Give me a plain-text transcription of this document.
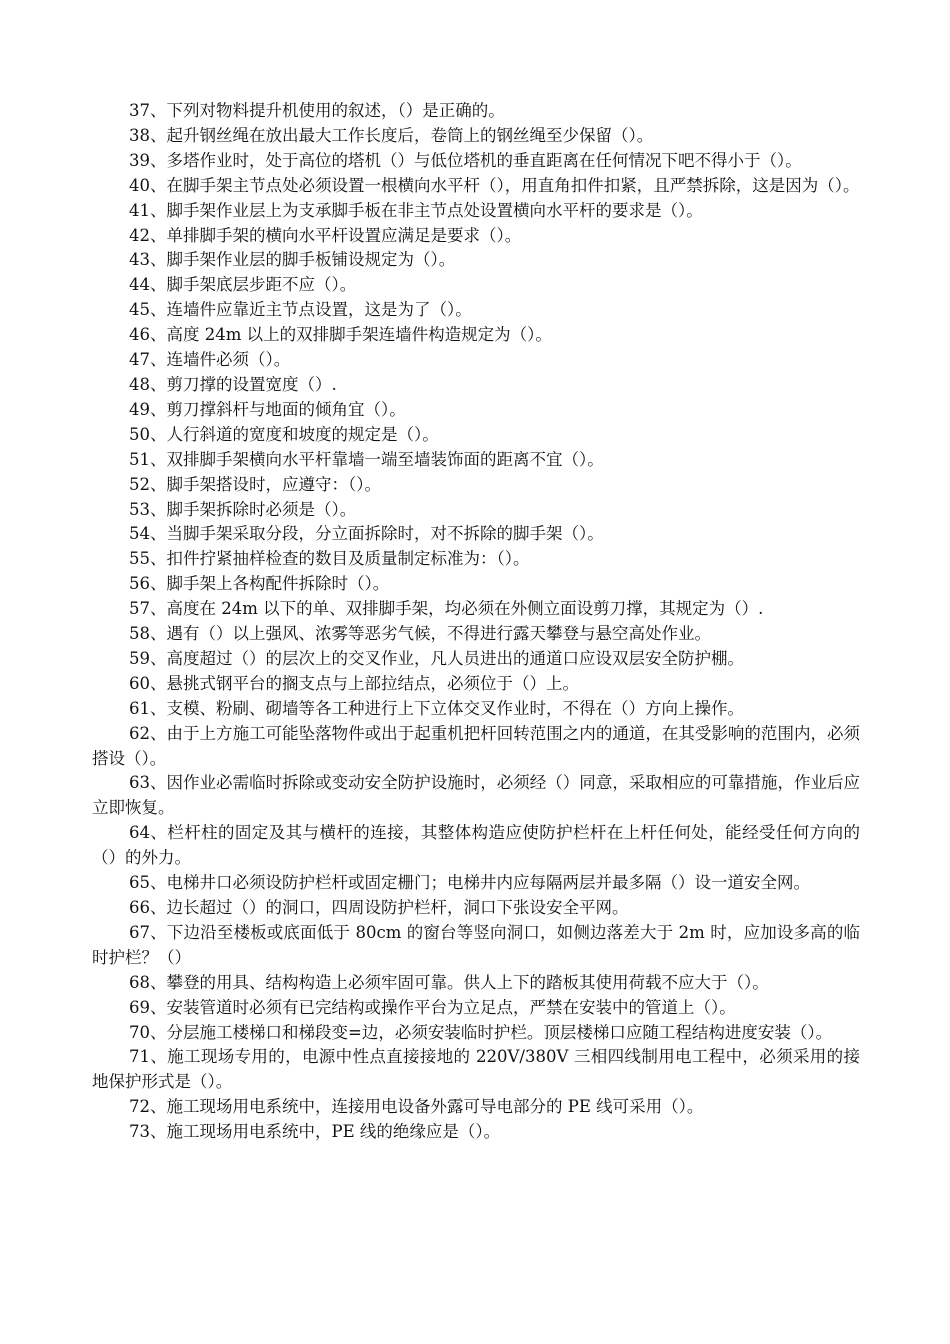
37、下列对物料提升机使用的叙述，（）是正确的。

38、起升钢丝绳在放出最大工作长度后，卷筒上的钢丝绳至少保留（）。

39、多塔作业时，处于高位的塔机（）与低位塔机的垂直距离在任何情况下吧不得小于（）。

40、在脚手架主节点处必须设置一根横向水平杆（），用直角扣件扣紧，且严禁拆除，这是因为（）。

41、脚手架作业层上为支承脚手板在非主节点处设置横向水平杆的要求是（）。

42、单排脚手架的横向水平杆设置应满足是要求（）。

43、脚手架作业层的脚手板铺设规定为（）。

44、脚手架底层步距不应（）。

45、连墙件应靠近主节点设置，这是为了（）。

46、高度 24m 以上的双排脚手架连墙件构造规定为（）。

47、连墙件必须（）。

48、剪刀撑的设置宽度（）.

49、剪刀撑斜杆与地面的倾角宜（）。

50、人行斜道的宽度和坡度的规定是（）。

51、双排脚手架横向水平杆靠墙一端至墙装饰面的距离不宜（）。

52、脚手架搭设时，应遵守：（）。

53、脚手架拆除时必须是（）。

54、当脚手架采取分段，分立面拆除时，对不拆除的脚手架（）。

55、扣件拧紧抽样检查的数目及质量制定标准为：（）。

56、脚手架上各构配件拆除时（）。

57、高度在 24m 以下的单、双排脚手架，均必须在外侧立面设剪刀撑，其规定为（）.

58、遇有（）以上强风、浓雾等恶劣气候，不得进行露天攀登与悬空高处作业。

59、高度超过（）的层次上的交叉作业，凡人员进出的通道口应设双层安全防护棚。

60、悬挑式钢平台的搁支点与上部拉结点，必须位于（）上。

61、支模、粉刷、砌墙等各工种进行上下立体交叉作业时，不得在（）方向上操作。

62、由于上方施工可能坠落物件或出于起重机把杆回转范围之内的通道，在其受影响的范围内，必须搭设（）。

63、因作业必需临时拆除或变动安全防护设施时，必须经（）同意，采取相应的可靠措施，作业后应立即恢复。

64、栏杆柱的固定及其与横杆的连接，其整体构造应使防护栏杆在上杆任何处，能经受任何方向的（）的外力。

65、电梯井口必须设防护栏杆或固定栅门；电梯井内应每隔两层并最多隔（）设一道安全网。

66、边长超过（）的洞口，四周设防护栏杆，洞口下张设安全平网。

67、下边沿至楼板或底面低于 80cm 的窗台等竖向洞口，如侧边落差大于 2m 时，应加设多高的临时护栏？（）

68、攀登的用具、结构构造上必须牢固可靠。供人上下的踏板其使用荷载不应大于（）。

69、安装管道时必须有已完结构或操作平台为立足点，严禁在安装中的管道上（）。

70、分层施工楼梯口和梯段变=边，必须安装临时护栏。顶层楼梯口应随工程结构进度安装（）。

71、施工现场专用的，电源中性点直接接地的 220V/380V 三相四线制用电工程中，必须采用的接地保护形式是（）。

72、施工现场用电系统中，连接用电设备外露可导电部分的 PE 线可采用（）。

73、施工现场用电系统中，PE 线的绝缘应是（）。
